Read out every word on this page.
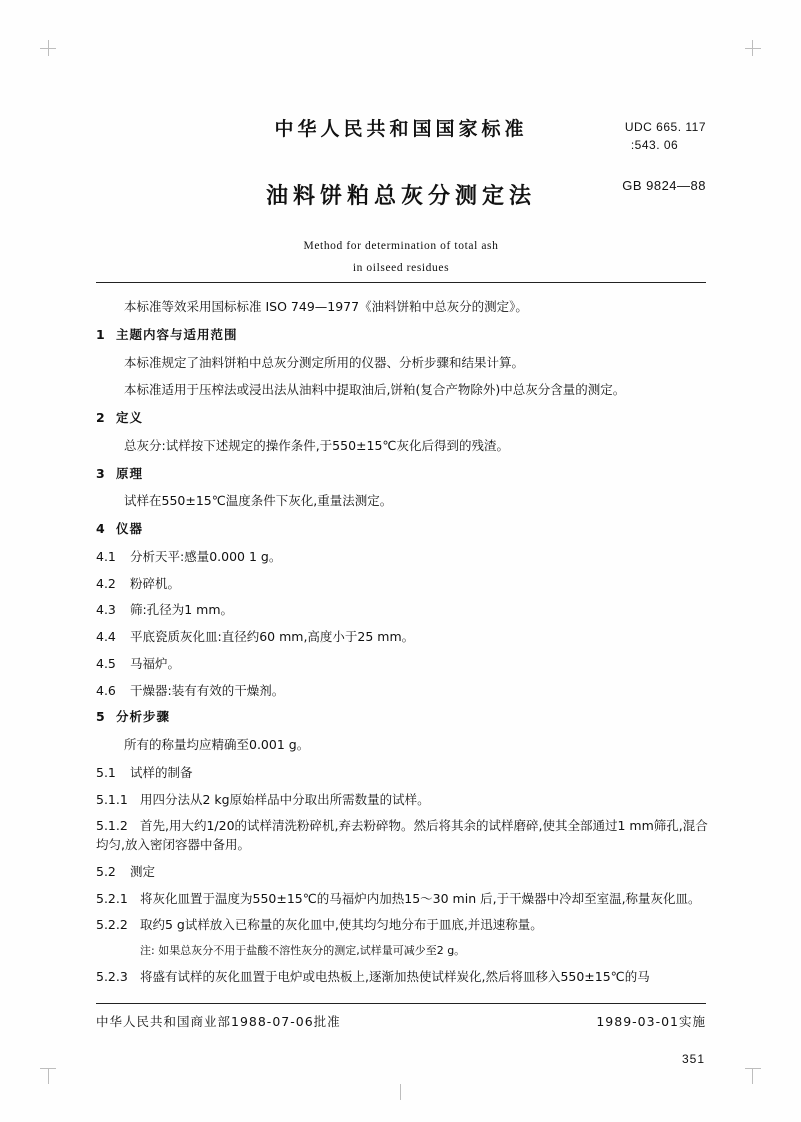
中华人民共和国国家标准
油料饼粕总灰分测定法
Method for determination of total ash
in oilseed residues
UDC 665. 117
:543. 06
GB 9824—88
本标准等效采用国标标准 ISO 749—1977《油料饼粕中总灰分的测定》。
1 主题内容与适用范围
本标准规定了油料饼粕中总灰分测定所用的仪器、分析步骤和结果计算。
本标准适用于压榨法或浸出法从油料中提取油后,饼粕(复合产物除外)中总灰分含量的测定。
2 定义
总灰分:试样按下述规定的操作条件,于550±15℃灰化后得到的残渣。
3 原理
试样在550±15℃温度条件下灰化,重量法测定。
4 仪器
4.1 分析天平:感量0.000 1 g。
4.2 粉碎机。
4.3 筛:孔径为1 mm。
4.4 平底瓷质灰化皿:直径约60 mm,高度小于25 mm。
4.5 马福炉。
4.6 干燥器:装有有效的干燥剂。
5 分析步骤
所有的称量均应精确至0.001 g。
5.1 试样的制备
5.1.1 用四分法从2 kg原始样品中分取出所需数量的试样。
5.1.2 首先,用大约1/20的试样清洗粉碎机,弃去粉碎物。然后将其余的试样磨碎,使其全部通过1 mm筛孔,混合均匀,放入密闭容器中备用。
5.2 测定
5.2.1 将灰化皿置于温度为550±15℃的马福炉内加热15～30 min 后,于干燥器中冷却至室温,称量灰化皿。
5.2.2 取约5 g试样放入已称量的灰化皿中,使其均匀地分布于皿底,并迅速称量。
注: 如果总灰分不用于盐酸不溶性灰分的测定,试样量可减少至2 g。
5.2.3 将盛有试样的灰化皿置于电炉或电热板上,逐渐加热使试样炭化,然后将皿移入550±15℃的马
中华人民共和国商业部1988-07-06批准	1989-03-01实施
351
